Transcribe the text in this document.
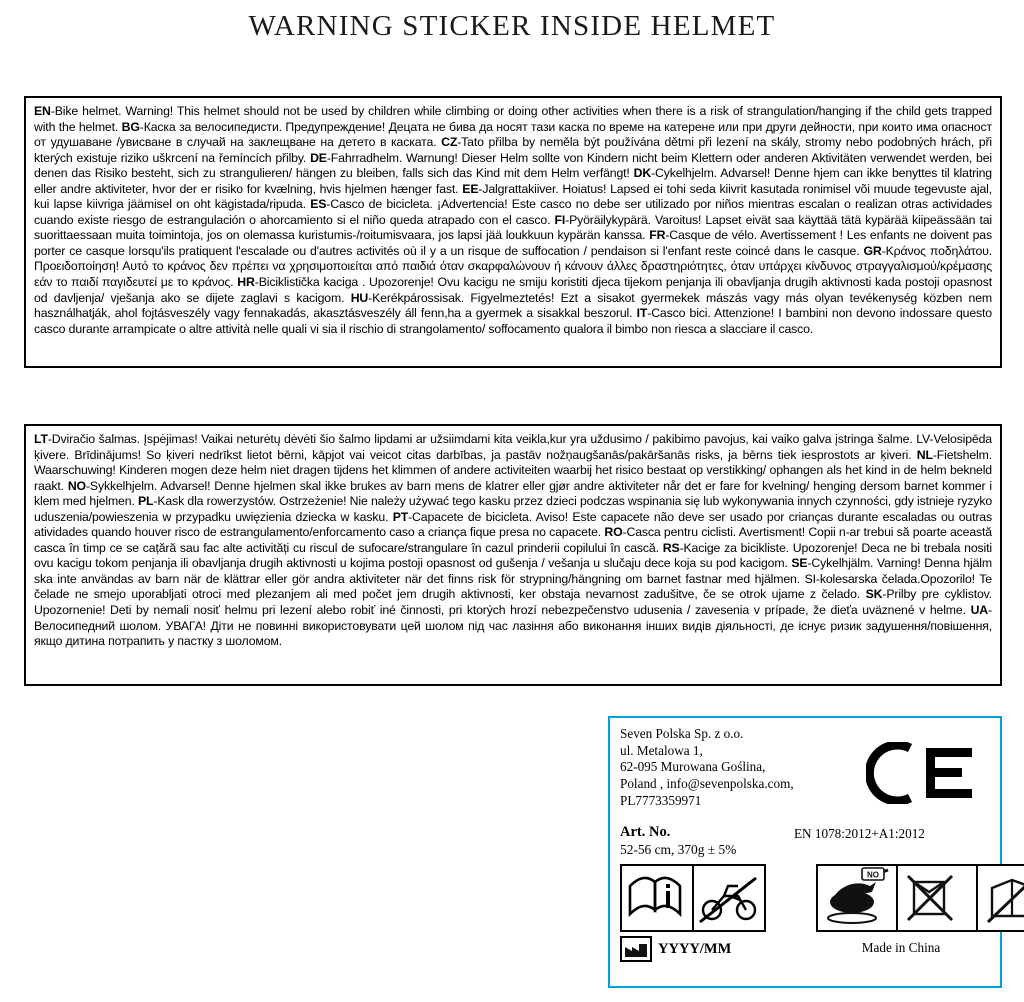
WARNING STICKER INSIDE HELMET
EN-Bike helmet. Warning! This helmet should not be used by children while climbing or doing other activities when there is a risk of strangulation/hanging if the child gets trapped with the helmet. BG-Каска за велосипедисти. Предупреждение! Децата не бива да носят тази каска по време на катерене или при други дейности, при които има опасност от удушаване /увисване в случай на заклещване на детето в каската. CZ-Tato přilba by neměla být používána dětmi při lezení na skály, stromy nebo podobných hrách, při kterých existuje riziko uškrcení na řemíncích přilby. DE-Fahrradhelm. Warnung! Dieser Helm sollte von Kindern nicht beim Klettern oder anderen Aktivitäten verwendet werden, bei denen das Risiko besteht, sich zu strangulieren/ hängen zu bleiben, falls sich das Kind mit dem Helm verfängt! DK-Cykelhjelm. Advarsel! Denne hjem can ikke benyttes til klatring eller andre aktiviteter, hvor der er risiko for kvælning, hvis hjelmen hænger fast. EE-Jalgrattakiiver. Hoiatus! Lapsed ei tohi seda kiivrit kasutada ronimisel või muude tegevuste ajal, kui lapse kiivriga jäämisel on oht kägistada/ripuda. ES-Casco de bicicleta. ¡Advertencia! Este casco no debe ser utilizado por niños mientras escalan o realizan otras actividades cuando existe riesgo de estrangulación o ahorcamiento si el niño queda atrapado con el casco. FI-Pyöräilykypärä. Varoitus! Lapset eivät saa käyttää tätä kypärää kiipeässään tai suorittaessaan muita toimintoja, jos on olemassa kuristumis-/roitumisvaara, jos lapsi jää loukkuun kypärän kanssa. FR-Casque de vélo. Avertissement ! Les enfants ne doivent pas porter ce casque lorsqu'ils pratiquent l'escalade ou d'autres activités où il y a un risque de suffocation / pendaison si l'enfant reste coincé dans le casque. GR-Κράνος ποδηλάτου. Προειδοποίηση! Αυτό το κράνος δεν πρέπει να χρησιμοποιείται από παιδιά όταν σκαρφαλώνουν ή κάνουν άλλες δραστηριότητες, όταν υπάρχει κίνδυνος στραγγαλισμού/κρέμασης εάν το παιδί παγιδευτεί με το κράνος. HR-Biciklistička kaciga . Upozorenje! Ovu kacigu ne smiju koristiti djeca tijekom penjanja ili obavljanja drugih aktivnosti kada postoji opasnost od davljenja/ vješanja ako se dijete zaglavi s kacigom. HU-Kerékpárossisak. Figyelmeztetés! Ezt a sisakot gyermekek mászás vagy más olyan tevékenység közben nem használhatják, ahol fojtásveszély vagy fennakadás, akasztásveszély áll fenn,ha a gyermek a sisakkal beszorul. IT-Casco bici. Attenzione! I bambini non devono indossare questo casco durante arrampicate o altre attività nelle quali vi sia il rischio di strangolamento/ soffocamento qualora il bimbo non riesca a slacciare il casco.
LT-Dviračio šalmas. Įspėjimas! Vaikai neturėtų dėvėti šio šalmo lipdami ar užsiimdami kita veikla,kur yra uždusimo / pakibimo pavojus, kai vaiko galva įstringa šalme. LV-Velosipēda ķivere. Brīdinājums! So ķiveri nedrīkst lietot bērni, kāpjot vai veicot citas darbības, ja pastāv nožņaugšanās/pakāršanās risks, ja bērns tiek iesprostots ar ķiveri. NL-Fietshelm. Waarschuwing! Kinderen mogen deze helm niet dragen tijdens het klimmen of andere activiteiten waarbij het risico bestaat op verstikking/ ophangen als het kind in de helm bekneld raakt. NO-Sykkelhjelm. Advarsel! Denne hjelmen skal ikke brukes av barn mens de klatrer eller gjør andre aktiviteter når det er fare for kvelning/ henging dersom barnet kommer i klem med hjelmen. PL-Kask dla rowerzystów. Ostrzeżenie! Nie należy używać tego kasku przez dzieci podczas wspinania się lub wykonywania innych czynności, gdy istnieje ryzyko uduszenia/powieszenia w przypadku uwięzienia dziecka w kasku. PT-Capacete de bicicleta. Aviso! Este capacete não deve ser usado por crianças durante escaladas ou outras atividades quando houver risco de estrangulamento/enforcamento caso a criança fique presa no capacete. RO-Casca pentru ciclisti. Avertisment! Copii n-ar trebui să poarte această casca în timp ce se cațără sau fac alte activități cu riscul de sufocare/strangulare în cazul prinderii copilului în cască. RS-Kacige za bicikliste. Upozorenje! Deca ne bi trebala nositi ovu kacigu tokom penjanja ili obavljanja drugih aktivnosti u kojima postoji opasnost od gušenja / vešanja u slučaju dece koja su pod kacigom. SE-Cykelhjälm. Varning! Denna hjälm ska inte användas av barn när de klättrar eller gör andra aktiviteter när det finns risk för strypning/hängning om barnet fastnar med hjälmen. SI-kolesarska čelada.Opozorilo! Te čelade ne smejo uporabljati otroci med plezanjem ali med počet jem drugih aktivnosti, ker obstaja nevarnost zadušitve, če se otrok ujame z čelado. SK-Prilby pre cyklistov. Upozornenie! Deti by nemali nosiť helmu pri lezení alebo robiť iné činnosti, pri ktorých hrozí nebezpečenstvo udusenia / zavesenia v prípade, že dieťa uväznené v helme. UA-Велосипедний шолом. УВАГА! Діти не повинні використовувати цей шолом під час лазіння або виконання інших видів діяльності, де існує ризик задушення/повішення, якщо дитина потрапить у пастку з шоломом.
Seven Polska Sp. z o.o.
ul. Metalowa 1,
62-095 Murowana Goślina,
Poland , info@sevenpolska.com,
PL7773359971
Art. No.
52-56 cm, 370g ± 5%
EN 1078:2012+A1:2012
NO
Made in China
YYYY/MM
